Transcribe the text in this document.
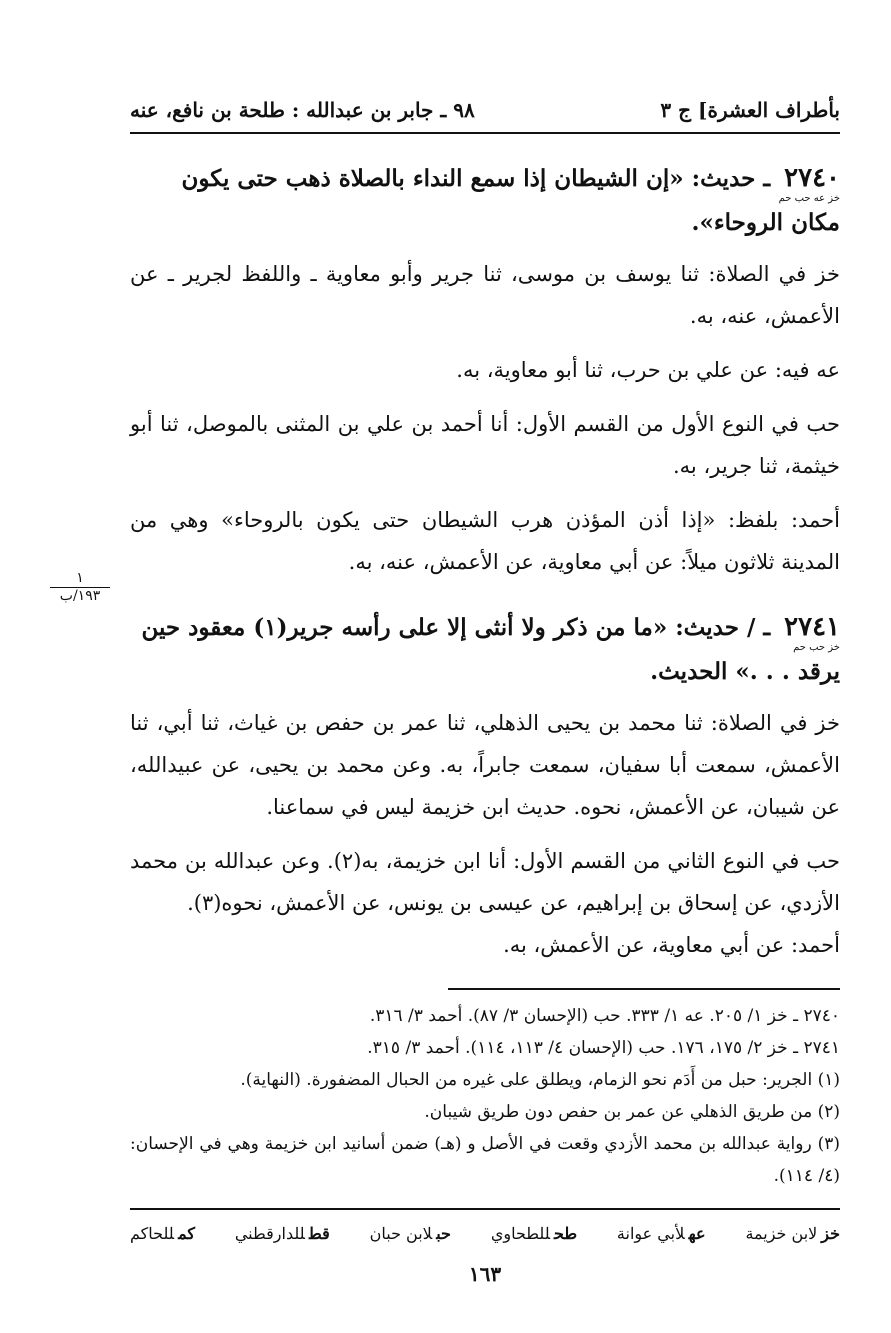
بأطراف العشرة] ج ٣
٩٨ ـ جابر بن عبدالله : طلحة بن نافع، عنه
٢٧٤٠ ـ حديث: «إن الشيطان إذا سمع النداء بالصلاة ذهب حتى يكون
خز عه حب حم
مكان الروحاء».
خز في الصلاة: ثنا يوسف بن موسى، ثنا جرير وأبو معاوية ـ واللفظ لجرير ـ عن الأعمش، عنه، به.
عه فيه: عن علي بن حرب، ثنا أبو معاوية، به.
حب في النوع الأول من القسم الأول: أنا أحمد بن علي بن المثنى بالموصل، ثنا أبو خيثمة، ثنا جرير، به.
أحمد: بلفظ: «إذا أذن المؤذن هرب الشيطان حتى يكون بالروحاء» وهي من المدينة ثلاثون ميلاً: عن أبي معاوية، عن الأعمش، عنه، به.
٢٧٤١ ـ / حديث: «ما من ذكر ولا أنثى إلا على رأسه جرير(١) معقود حين
خز حب حم
يرقد . . .» الحديث.
خز في الصلاة: ثنا محمد بن يحيى الذهلي، ثنا عمر بن حفص بن غياث، ثنا أبي، ثنا الأعمش، سمعت أبا سفيان، سمعت جابراً، به. وعن محمد بن يحيى، عن عبيدالله، عن شيبان، عن الأعمش، نحوه. حديث ابن خزيمة ليس في سماعنا.
حب في النوع الثاني من القسم الأول: أنا ابن خزيمة، به(٢). وعن عبدالله بن محمد الأزدي، عن إسحاق بن إبراهيم، عن عيسى بن يونس، عن الأعمش، نحوه(٣).
أحمد: عن أبي معاوية، عن الأعمش، به.
٢٧٤٠ ـ خز ١/ ٢٠٥. عه ١/ ٣٣٣. حب (الإحسان ٣/ ٨٧). أحمد ٣/ ٣١٦.
٢٧٤١ ـ خز ٢/ ١٧٥، ١٧٦. حب (الإحسان ٤/ ١١٣، ١١٤). أحمد ٣/ ٣١٥.
(١) الجرير: حبل من أَدَم نحو الزمام، ويطلق على غيره من الحبال المضفورة. (النهاية).
(٢) من طريق الذهلي عن عمر بن حفص دون طريق شيبان.
(٣) رواية عبدالله بن محمد الأزدي وقعت في الأصل و (هـ) ضمن أسانيد ابن خزيمة وهي في الإحسان: (٤/ ١١٤).
خزلابن خزيمة
عهلأبي عوانة
طحللطحاوي
حبلابن حبان
قطللدارقطني
كمللحاكم
١٦٣
١
١٩٣/ب
